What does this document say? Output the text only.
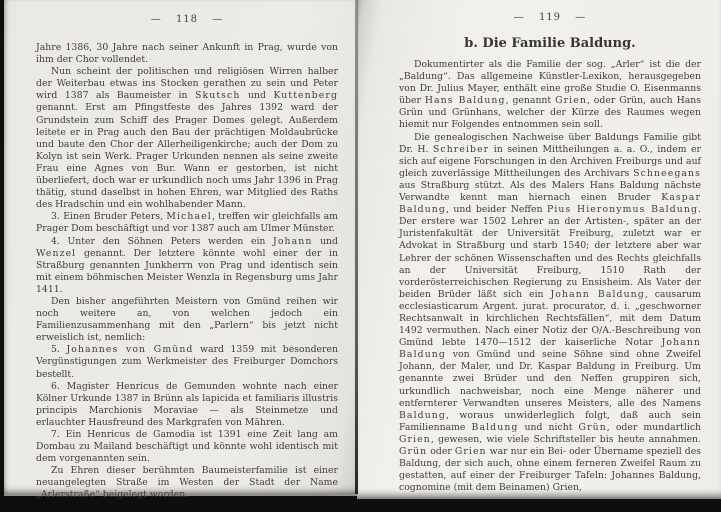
— 118 —

Jahre 1386, 30 Jahre nach seiner Ankunft in Prag, wurde von ihm der Chor vollendet.

Nun scheint der politischen und religiösen Wirren halber der Weiterbau etwas ins Stocken gerathen zu sein und Peter wird 1387 als Baumeister in Skutsch und Kuttenberg genannt. Erst am Pfingstfeste des Jahres 1392 ward der Grundstein zum Schiff des Prager Domes gelegt. Außerdem leitete er in Prag auch den Bau der prächtigen Moldaubrücke und baute den Chor der Allerheiligenkirche; auch der Dom zu Kolyn ist sein Werk. Prager Urkunden nennen als seine zweite Frau eine Agnes von Bur. Wann er gestorben, ist nicht überliefert, doch war er urkundlich noch ums Jahr 1396 in Prag thätig, stund daselbst in hohen Ehren, war Mitglied des Raths des Hradschin und ein wohlhabender Mann.

3. Einen Bruder Peters, Michael, treffen wir gleichfalls am Prager Dom beschäftigt und vor 1387 auch am Ulmer Münster.

4. Unter den Söhnen Peters werden ein Johann und Wenzel genannt. Der letztere könnte wohl einer der in Straßburg genannten Junkherrn von Prag und identisch sein mit einem böhmischen Meister Wenzla in Regensburg ums Jahr 1411.

Den bisher angeführten Meistern von Gmünd reihen wir noch weitere an, von welchen jedoch ein Familienzusammenhang mit den „Parlern“ bis jetzt nicht erweislich ist, nemlich:

5. Johannes von Gmünd ward 1359 mit besonderen Vergünstigungen zum Werkmeister des Freiburger Domchors bestellt.

6. Magister Henricus de Gemunden wohnte nach einer Kölner Urkunde 1387 in Brünn als lapicida et familiaris illustris principis Marchionis Moraviae — als Steinmetze und erlauchter Hausfreund des Markgrafen von Mähren.

7. Ein Henricus de Gamodia ist 1391 eine Zeit lang am Dombau zu Mailand beschäftigt und könnte wohl identisch mit dem vorgenannten sein.

Zu Ehren dieser berühmten Baumeisterfamilie ist einer neuangelegten Straße im Westen der Stadt der Name „Arlerstraße“ beigelegt worden.

— 119 —
b. Die Familie Baldung.

Dokumentirter als die Familie der sog. „Arler“ ist die der „Baldung“. Das allgemeine Künstler-Lexikon, herausgegeben von Dr. Julius Mayer, enthält eine große Studie O. Eisenmanns über Hans Baldung, genannt Grien, oder Grün, auch Hans Grün und Grünhans, welcher der Kürze des Raumes wegen hiemit nur Folgendes entnommen sein soll.

Die genealogischen Nachweise über Baldungs Familie gibt Dr. H. Schreiber in seinen Mittheilungen a. a. O., indem er sich auf eigene Forschungen in den Archiven Freiburgs und auf gleich zuverlässige Mittheilungen des Archivars Schneegans aus Straßburg stützt. Als des Malers Hans Baldung nächste Verwandte kennt man hiernach einen Bruder Kaspar Baldung, und beider Neffen Pius Hieronymus Baldung. Der erstere war 1502 Lehrer an der Artisten-, später an der Juristenfakultät der Universität Freiburg, zuletzt war er Advokat in Straßburg und starb 1540; der letztere aber war Lehrer der schönen Wissenschaften und des Rechts gleichfalls an der Universität Freiburg, 1510 Rath der vorderösterreichischen Regierung zu Ensisheim. Als Vater der beiden Brüder läßt sich ein Johann Baldung, causarum ecclesiasticarum Argent. jurat. procurator, d. i. „geschworner Rechtsanwalt in kirchlichen Rechtsfällen“, mit dem Datum 1492 vermuthen. Nach einer Notiz der O/A.-Beschreibung von Gmünd lebte 1470—1512 der kaiserliche Notar Johann Baldung von Gmünd und seine Söhne sind ohne Zweifel Johann, der Maler, und Dr. Kaspar Baldung in Freiburg. Um genannte zwei Brüder und den Neffen gruppiren sich, urkundlich nachweisbar, noch eine Menge näherer und entfernterer Verwandten unseres Meisters, alle des Namens Baldung, woraus unwiderleglich folgt, daß auch sein Familienname Baldung und nicht Grün, oder mundartlich Grien, gewesen, wie viele Schriftsteller bis heute annahmen. Grün oder Grien war nur ein Bei- oder Übername speziell des Baldung, der sich auch, ohne einem ferneren Zweifel Raum zu gestatten, auf einer der Freiburger Tafeln: Johannes Baldung, cognomine (mit dem Beinamen) Grien,
